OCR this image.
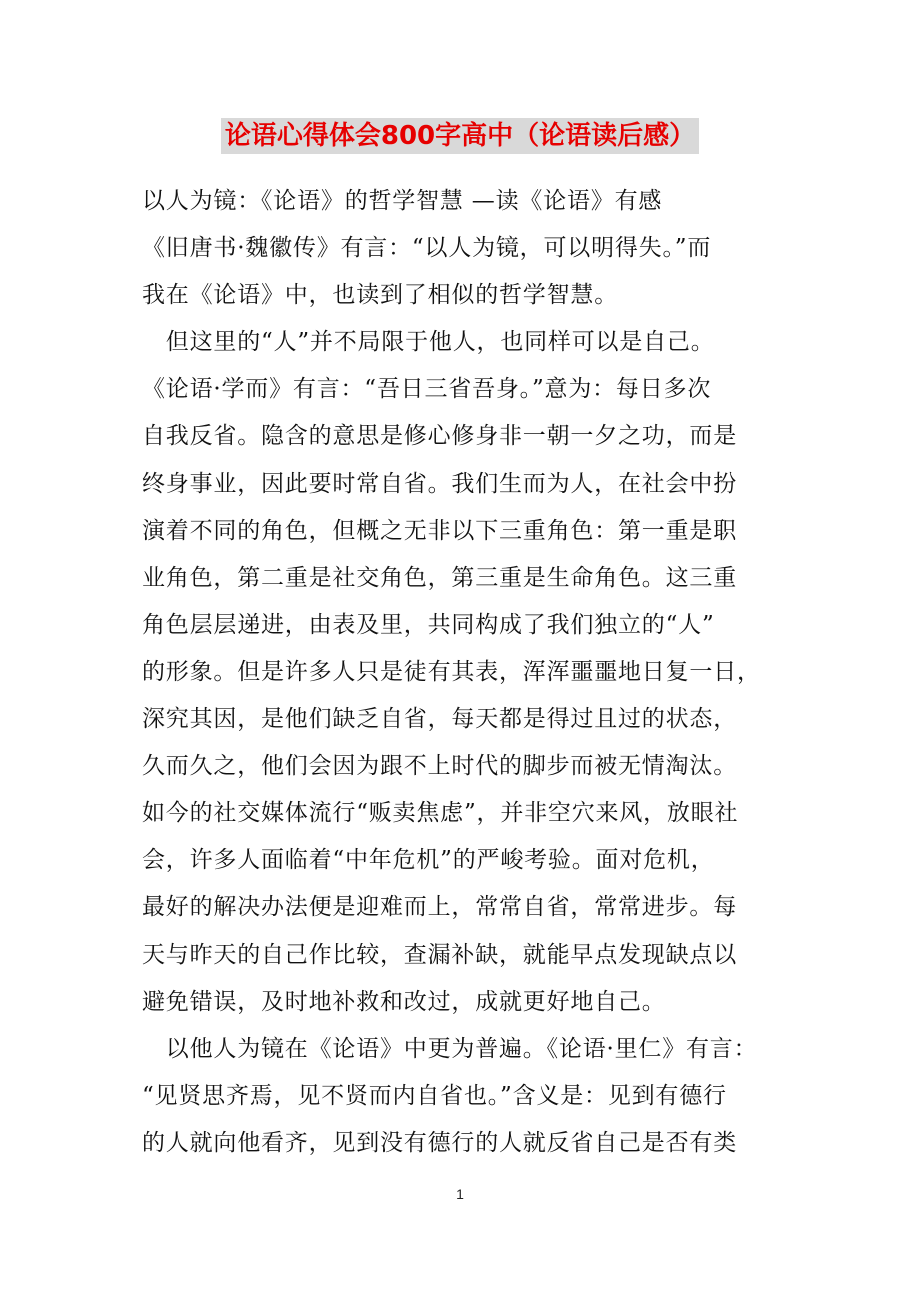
论语心得体会800字高中（论语读后感）
以人为镜：《论语》的哲学智慧 —读《论语》有感
《旧唐书·魏徽传》有言：“以人为镜，可以明得失。”而
我在《论语》中，也读到了相似的哲学智慧。
　但这里的“人”并不局限于他人，也同样可以是自己。
《论语·学而》有言：“吾日三省吾身。”意为：每日多次
自我反省。隐含的意思是修心修身非一朝一夕之功，而是
终身事业，因此要时常自省。我们生而为人，在社会中扮
演着不同的角色，但概之无非以下三重角色：第一重是职
业角色，第二重是社交角色，第三重是生命角色。这三重
角色层层递进，由表及里，共同构成了我们独立的“人”
的形象。但是许多人只是徒有其表，浑浑噩噩地日复一日，
深究其因，是他们缺乏自省，每天都是得过且过的状态，
久而久之，他们会因为跟不上时代的脚步而被无情淘汰。
如今的社交媒体流行“贩卖焦虑”，并非空穴来风，放眼社
会，许多人面临着“中年危机”的严峻考验。面对危机，
最好的解决办法便是迎难而上，常常自省，常常进步。每
天与昨天的自己作比较，查漏补缺，就能早点发现缺点以
避免错误，及时地补救和改过，成就更好地自己。
　以他人为镜在《论语》中更为普遍。《论语·里仁》有言：
“见贤思齐焉，见不贤而内自省也。”含义是：见到有德行
的人就向他看齐，见到没有德行的人就反省自己是否有类
1
